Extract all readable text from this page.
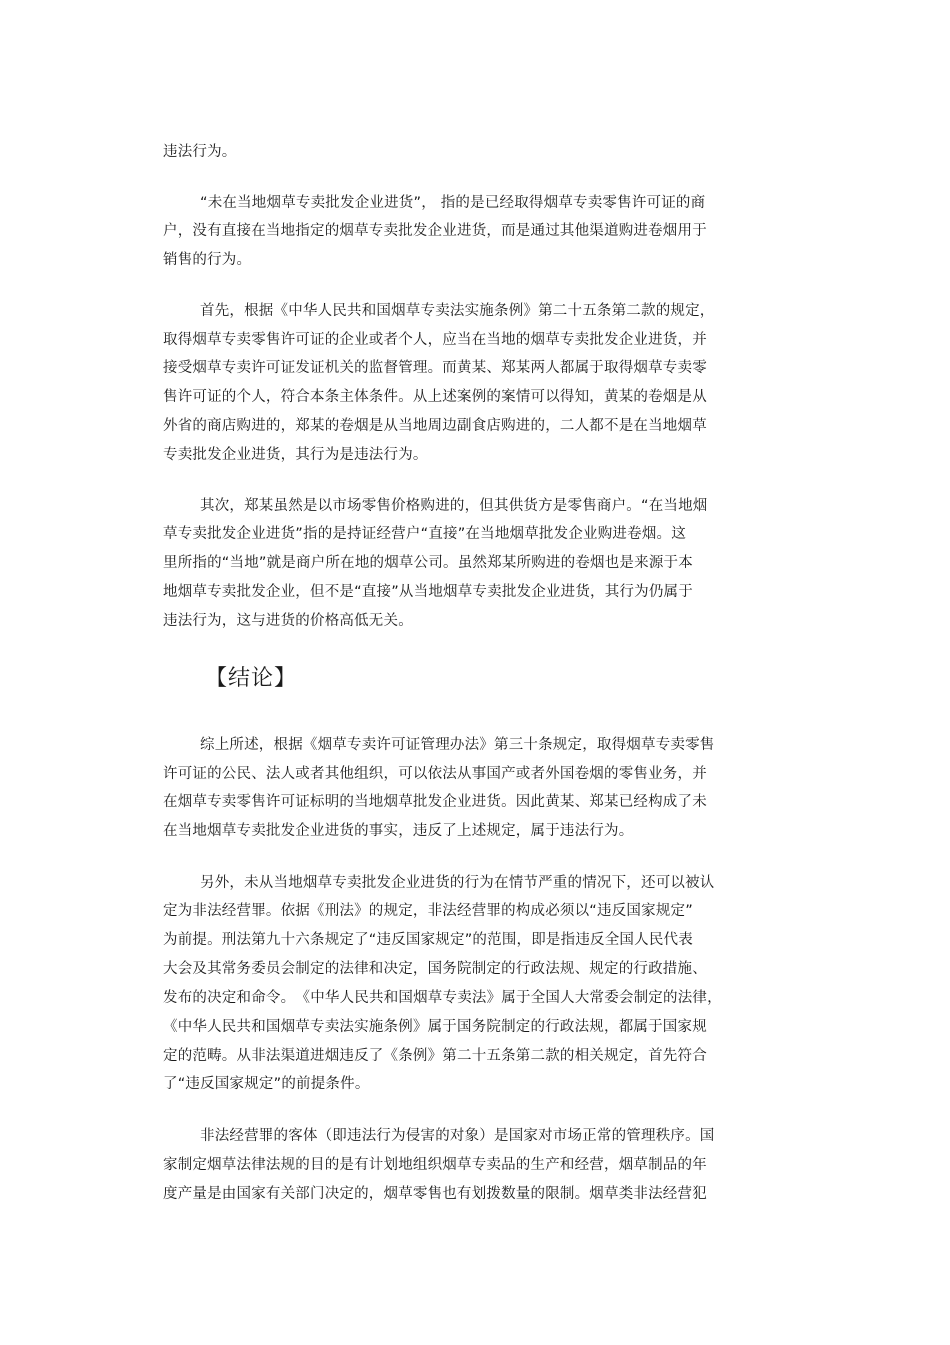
违法行为。
“未在当地烟草专卖批发企业进货”， 指的是已经取得烟草专卖零售许可证的商
户，没有直接在当地指定的烟草专卖批发企业进货，而是通过其他渠道购进卷烟用于
销售的行为。
首先，根据《中华人民共和国烟草专卖法实施条例》第二十五条第二款的规定，
取得烟草专卖零售许可证的企业或者个人，应当在当地的烟草专卖批发企业进货，并
接受烟草专卖许可证发证机关的监督管理。而黄某、郑某两人都属于取得烟草专卖零
售许可证的个人，符合本条主体条件。从上述案例的案情可以得知，黄某的卷烟是从
外省的商店购进的，郑某的卷烟是从当地周边副食店购进的，二人都不是在当地烟草
专卖批发企业进货，其行为是违法行为。
其次，郑某虽然是以市场零售价格购进的，但其供货方是零售商户。“在当地烟
草专卖批发企业进货”指的是持证经营户“直接”在当地烟草批发企业购进卷烟。这
里所指的“当地”就是商户所在地的烟草公司。虽然郑某所购进的卷烟也是来源于本
地烟草专卖批发企业，但不是“直接”从当地烟草专卖批发企业进货，其行为仍属于
违法行为，这与进货的价格高低无关。
【结论】
综上所述，根据《烟草专卖许可证管理办法》第三十条规定，取得烟草专卖零售
许可证的公民、法人或者其他组织，可以依法从事国产或者外国卷烟的零售业务，并
在烟草专卖零售许可证标明的当地烟草批发企业进货。因此黄某、郑某已经构成了未
在当地烟草专卖批发企业进货的事实，违反了上述规定，属于违法行为。
另外，未从当地烟草专卖批发企业进货的行为在情节严重的情况下，还可以被认
定为非法经营罪。依据《刑法》的规定，非法经营罪的构成必须以“违反国家规定”
为前提。刑法第九十六条规定了“违反国家规定”的范围，即是指违反全国人民代表
大会及其常务委员会制定的法律和决定，国务院制定的行政法规、规定的行政措施、
发布的决定和命令。　《中华人民共和国烟草专卖法》属于全国人大常委会制定的法律，
《中华人民共和国烟草专卖法实施条例》属于国务院制定的行政法规，都属于国家规
定的范畴。从非法渠道进烟违反了《条例》第二十五条第二款的相关规定，首先符合
了“违反国家规定”的前提条件。
非法经营罪的客体（即违法行为侵害的对象）是国家对市场正常的管理秩序。国
家制定烟草法律法规的目的是有计划地组织烟草专卖品的生产和经营，烟草制品的年
度产量是由国家有关部门决定的，烟草零售也有划拨数量的限制。烟草类非法经营犯
